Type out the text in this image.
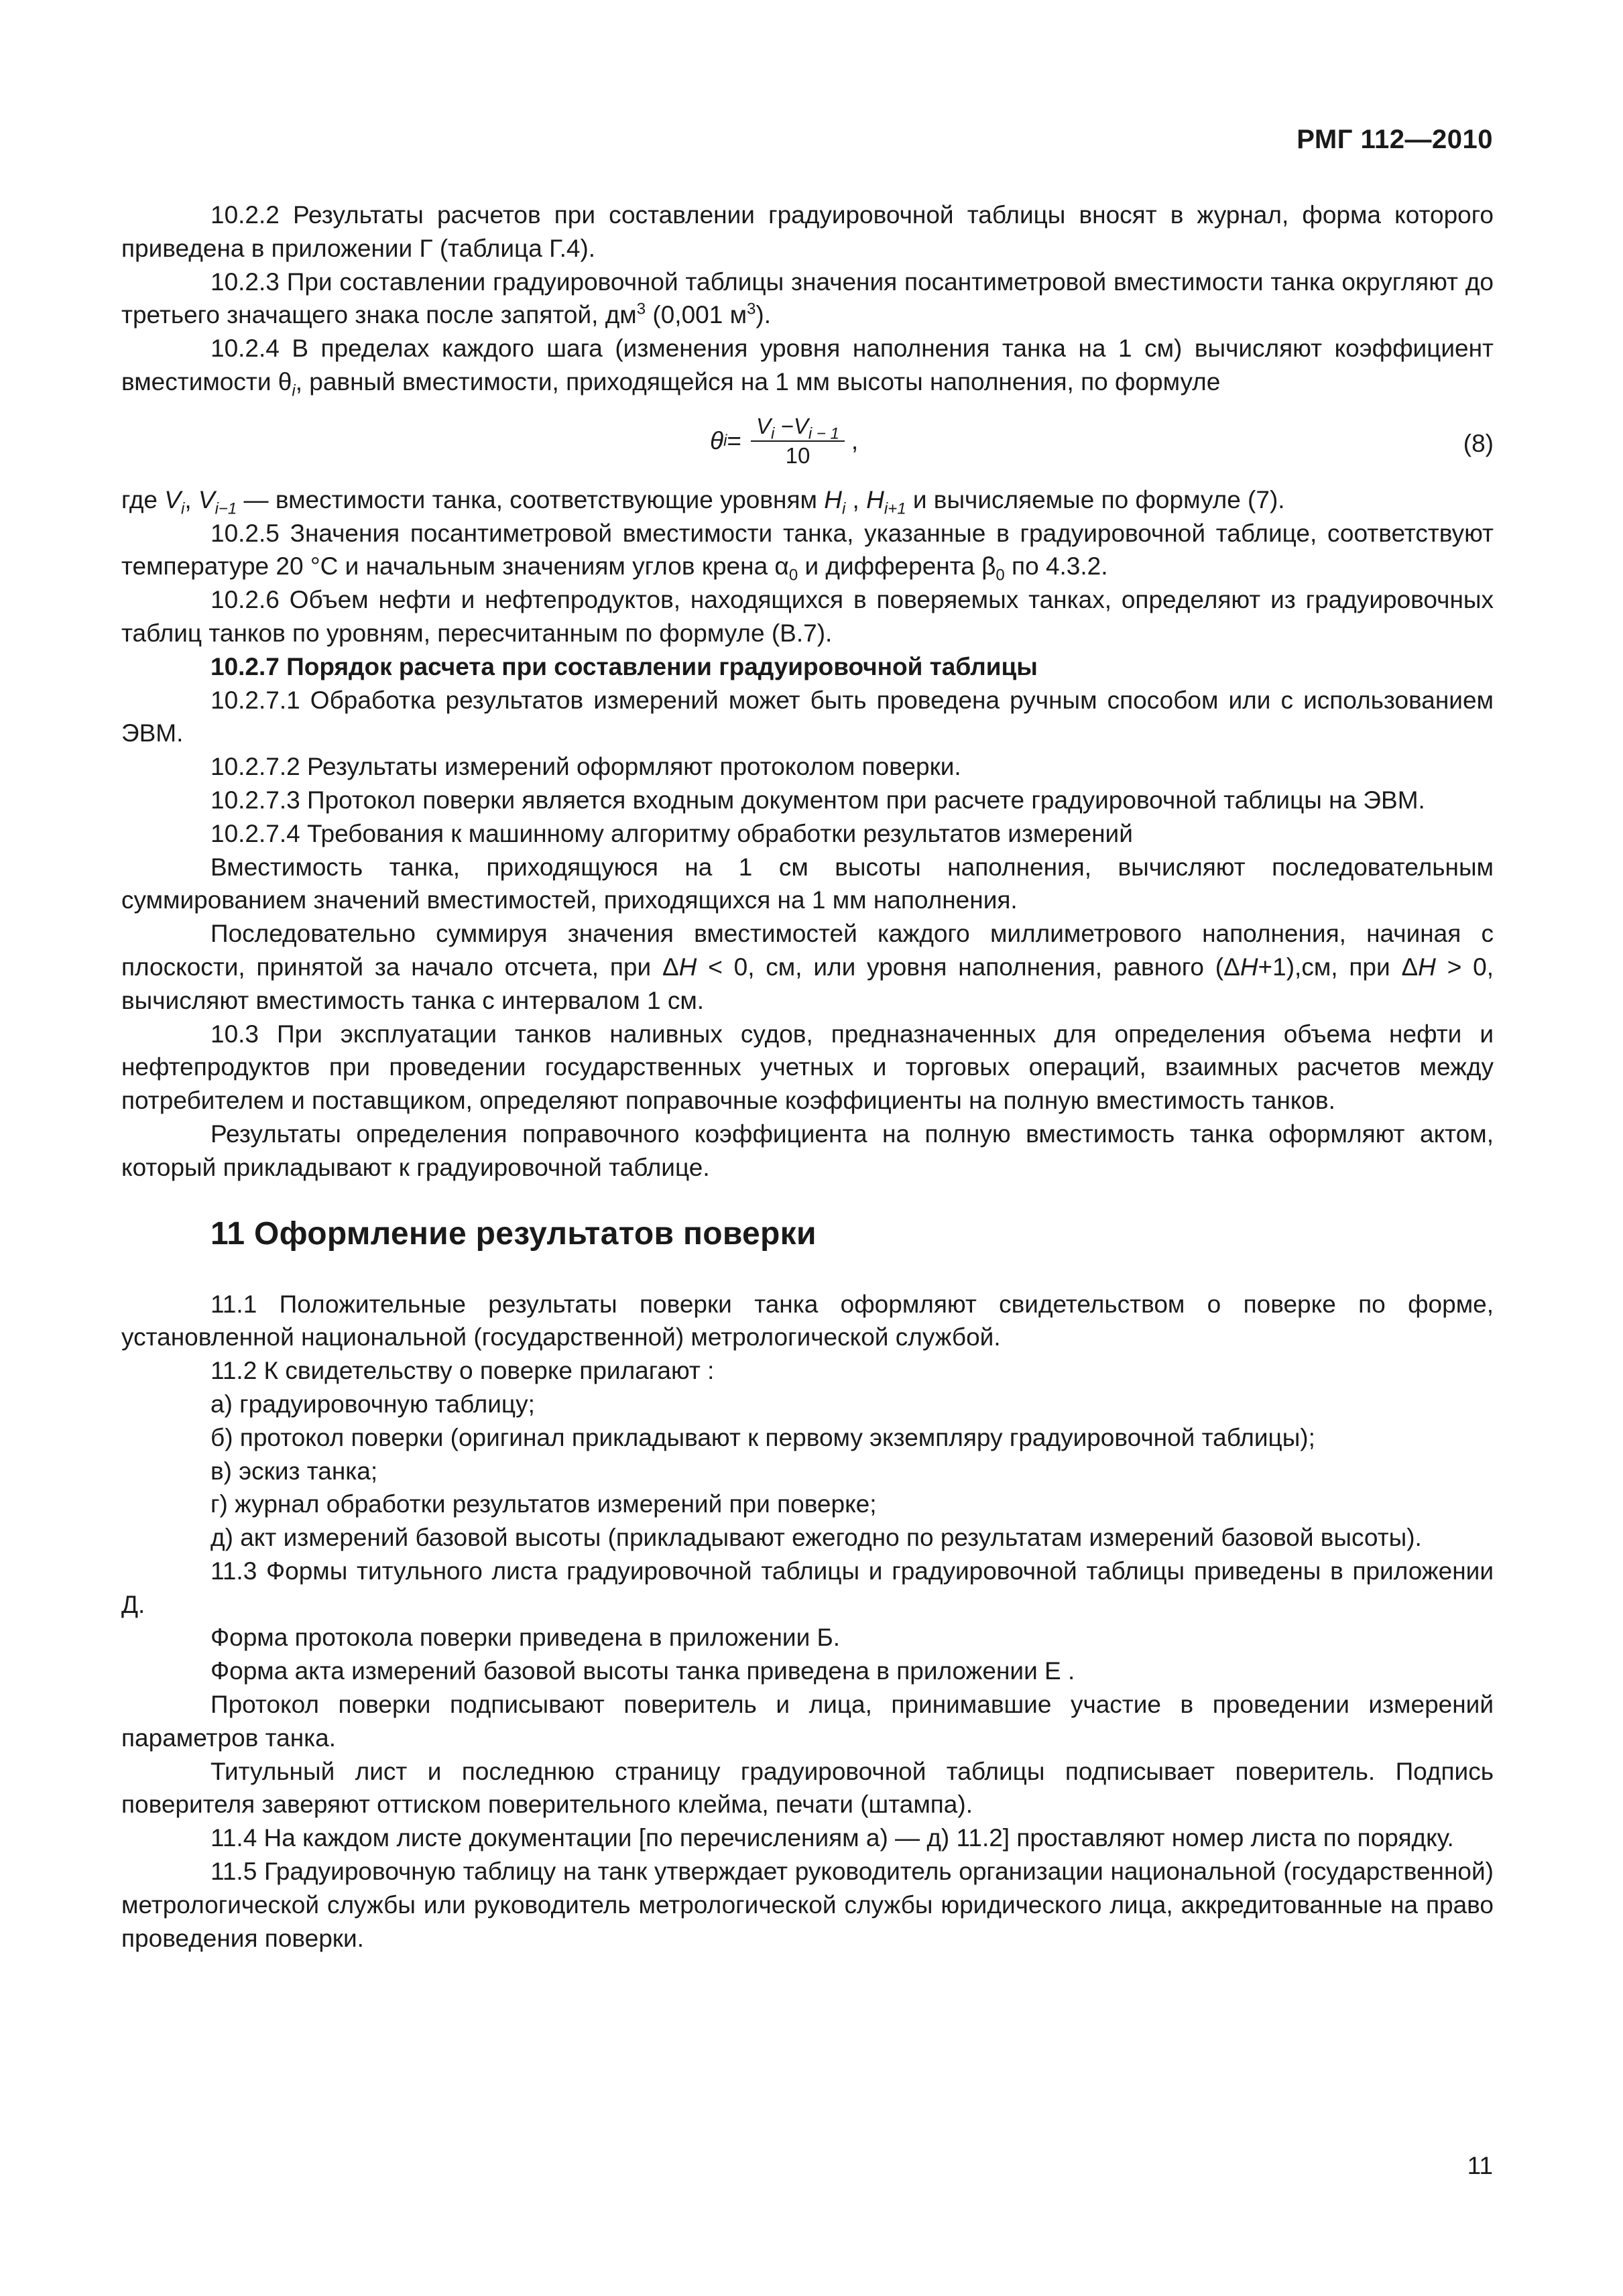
РМГ 112—2010

10.2.2 Результаты расчетов при составлении градуировочной таблицы вносят в журнал, форма которого приведена в приложении Г (таблица Г.4).

10.2.3 При составлении градуировочной таблицы значения посантиметровой вместимости танка округляют до третьего значащего знака после запятой, $дм^3$ (0,001 $м^3$).

10.2.4 В пределах каждого шага (изменения уровня наполнения танка на 1 см) вычисляют коэффициент вместимости $\theta_i$, равный вместимости, приходящейся на 1 мм высоты наполнения, по формуле

θ $i = \frac{V_i -V_{i - 1}}{10}$ ,	(8)

где $V_i$, $V_{i-1}$ — вместимости танка, соответствующие уровням $H_i$ , $H_{i+1}$ и вычисляемые по формуле (7).

10.2.5 Значения посантиметровой вместимости танка, указанные в градуировочной таблице, соответствуют температуре 20 °С и начальным значениям углов крена $\alpha_0$ и дифферента $\beta_0$ по 4.3.2.

10.2.6 Объем нефти и нефтепродуктов, находящихся в поверяемых танках, определяют из градуировочных таблиц танков по уровням, пересчитанным по формуле (В.7).

10.2.7 Порядок расчета при составлении градуировочной таблицы

10.2.7.1 Обработка результатов измерений может быть проведена ручным способом или с использованием ЭВМ.

10.2.7.2 Результаты измерений оформляют протоколом поверки.

10.2.7.3 Протокол поверки является входным документом при расчете градуировочной таблицы на ЭВМ.

10.2.7.4 Требования к машинному алгоритму обработки результатов измерений

Вместимость танка, приходящуюся на 1 см высоты наполнения, вычисляют последовательным суммированием значений вместимостей, приходящихся на 1 мм наполнения.

Последовательно суммируя значения вместимостей каждого миллиметрового наполнения, начиная с плоскости, принятой за начало отсчета, при ΔH < 0, см, или уровня наполнения, равного (ΔH+1),см, при ΔH > 0, вычисляют вместимость танка с интервалом 1 см.

10.3 При эксплуатации танков наливных судов, предназначенных для определения объема нефти и нефтепродуктов при проведении государственных учетных и торговых операций, взаимных расчетов между потребителем и поставщиком, определяют поправочные коэффициенты на полную вместимость танков.

Результаты определения поправочного коэффициента на полную вместимость танка оформляют актом, который прикладывают к градуировочной таблице.

11 Оформление результатов поверки

11.1 Положительные результаты поверки танка оформляют свидетельством о поверке по форме, установленной национальной (государственной) метрологической службой.

11.2 К свидетельству о поверке прилагают :

а) градуировочную таблицу;

б) протокол поверки (оригинал прикладывают к первому экземпляру градуировочной таблицы);

в) эскиз танка;

г) журнал обработки результатов измерений при поверке;

д) акт измерений базовой высоты (прикладывают ежегодно по результатам измерений базовой высоты).

11.3 Формы титульного листа градуировочной таблицы и градуировочной таблицы приведены в приложении Д.

Форма протокола поверки приведена в приложении Б.

Форма акта измерений базовой высоты танка приведена в приложении Е .

Протокол поверки подписывают поверитель и лица, принимавшие участие в проведении измерений параметров танка.

Титульный лист и последнюю страницу градуировочной таблицы подписывает поверитель. Подпись поверителя заверяют оттиском поверительного клейма, печати (штампа).

11.4 На каждом листе документации [по перечислениям а) — д) 11.2] проставляют номер листа по порядку.

11.5 Градуировочную таблицу на танк утверждает руководитель организации национальной (государственной) метрологической службы или руководитель метрологической службы юридического лица, аккредитованные на право проведения поверки.

11
